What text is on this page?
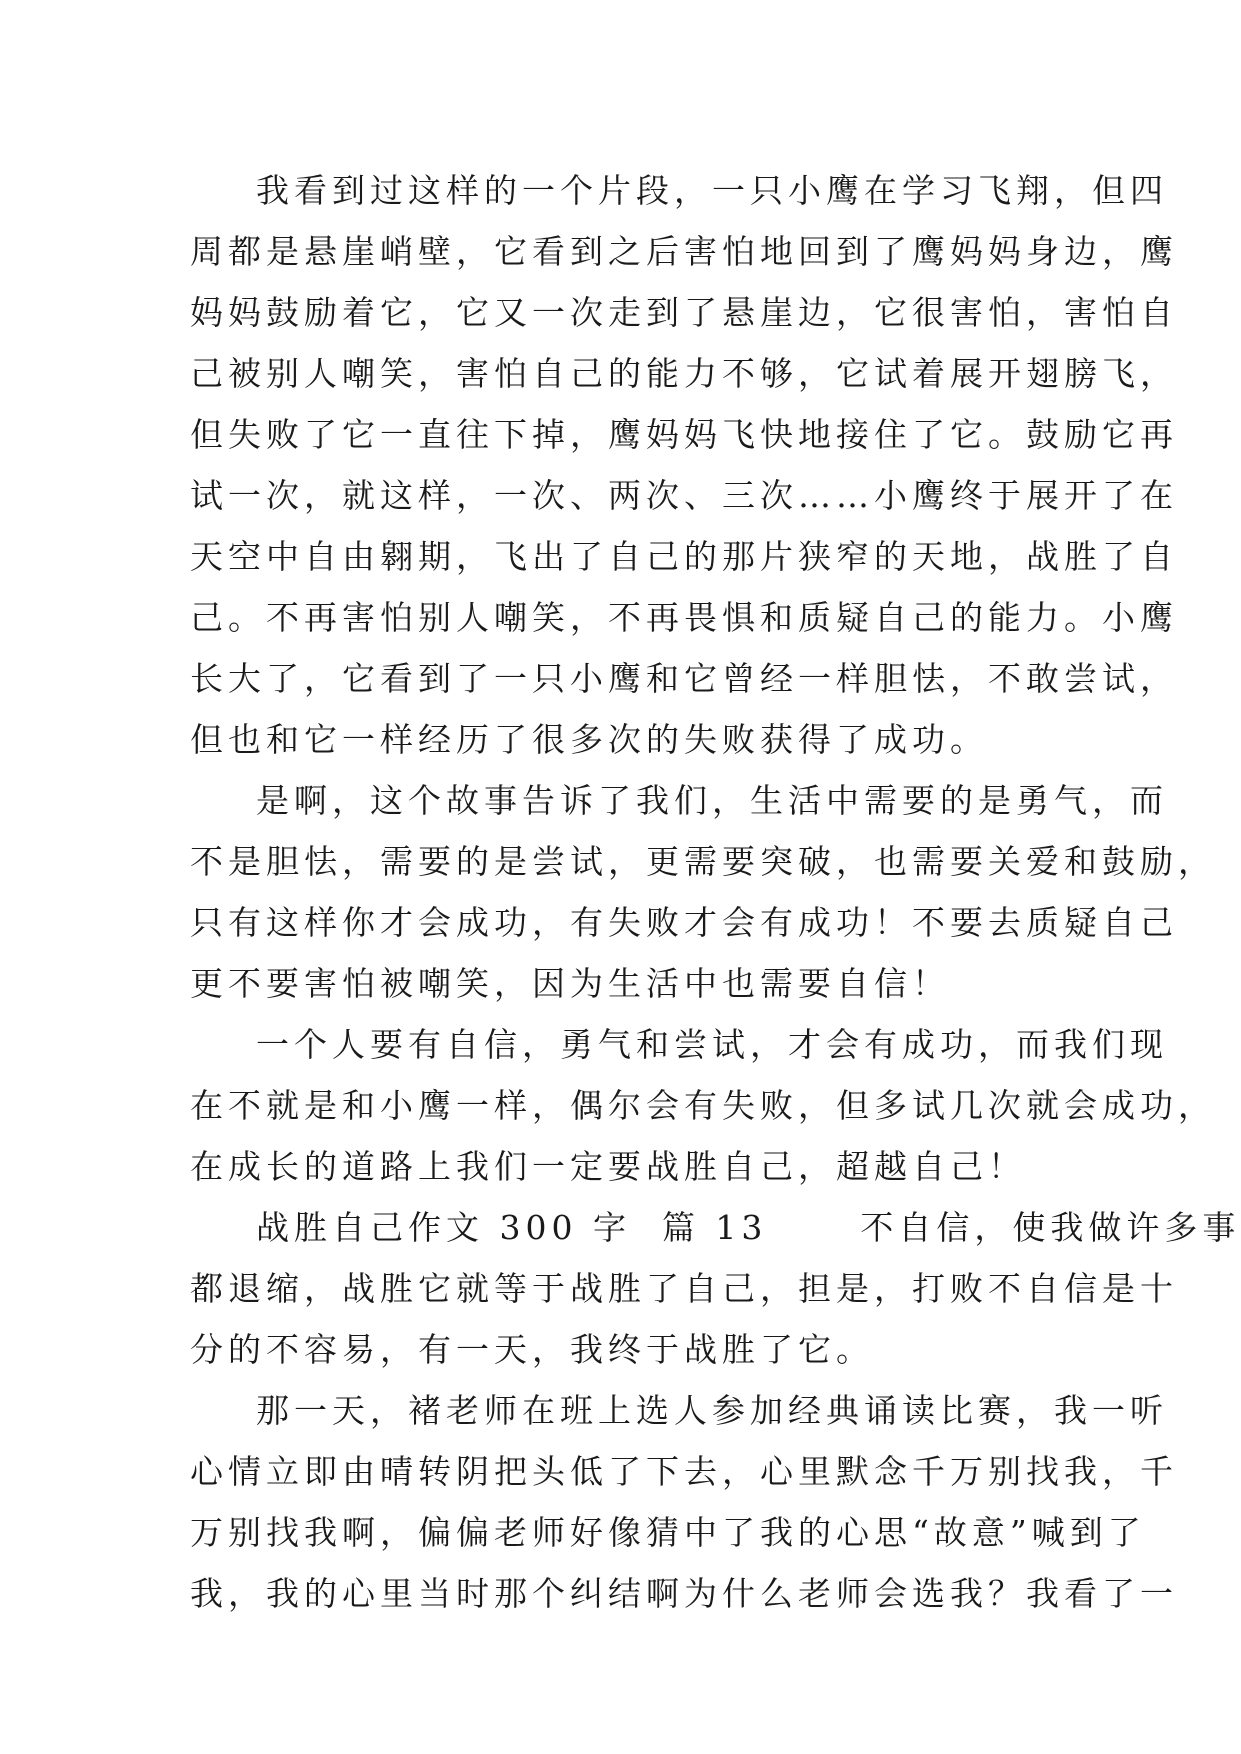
我看到过这样的一个片段，一只小鹰在学习飞翔，但四
周都是悬崖峭壁，它看到之后害怕地回到了鹰妈妈身边，鹰
妈妈鼓励着它，它又一次走到了悬崖边，它很害怕，害怕自
己被别人嘲笑，害怕自己的能力不够，它试着展开翅膀飞，
但失败了它一直往下掉，鹰妈妈飞快地接住了它。鼓励它再
试一次，就这样，一次、两次、三次……小鹰终于展开了在
天空中自由翱期，飞出了自己的那片狭窄的天地，战胜了自
己。不再害怕别人嘲笑，不再畏惧和质疑自己的能力。小鹰
长大了，它看到了一只小鹰和它曾经一样胆怯，不敢尝试，
但也和它一样经历了很多次的失败获得了成功。
是啊，这个故事告诉了我们，生活中需要的是勇气，而
不是胆怯，需要的是尝试，更需要突破，也需要关爱和鼓励，
只有这样你才会成功，有失败才会有成功！不要去质疑自己
更不要害怕被嘲笑，因为生活中也需要自信！
一个人要有自信，勇气和尝试，才会有成功，而我们现
在不就是和小鹰一样，偶尔会有失败，但多试几次就会成功，
在成长的道路上我们一定要战胜自己，超越自己！
战胜自己作文 300 字  篇 13      不自信，使我做许多事
都退缩，战胜它就等于战胜了自己，担是，打败不自信是十
分的不容易，有一天，我终于战胜了它。
那一天，褚老师在班上选人参加经典诵读比赛，我一听
心情立即由晴转阴把头低了下去，心里默念千万别找我，千
万别找我啊，偏偏老师好像猜中了我的心思“故意”喊到了
我，我的心里当时那个纠结啊为什么老师会选我？我看了一
